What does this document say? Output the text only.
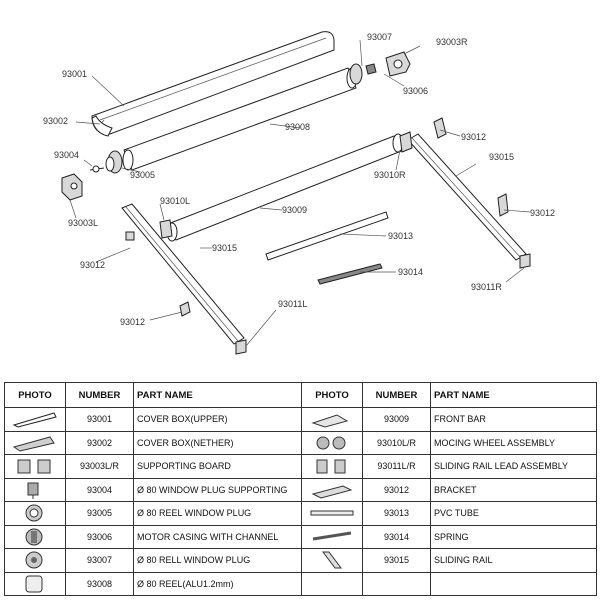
93007	93003R
93001
93006
93002
93008
93012
93004	93015
93005	93010R
93010L
93012
93003L
93009
93013
93015
93012
93014
93011R
93011L
93012
PHOTO	NUMBER	PART NAME	PHOTO	NUMBER	PART NAME

	93001	COVER BOX(UPPER)		93009	FRONT BAR

	93002	COVER BOX(NETHER)		93010L/R	MOCING WHEEL ASSEMBLY

	93003L/R	SUPPORTING BOARD		93011L/R	SLIDING RAIL LEAD ASSEMBLY

	93004	Ø 80 WINDOW PLUG SUPPORTING		93012	BRACKET

	93005	Ø 80 REEL WINDOW PLUG		93013	PVC TUBE

	93006	MOTOR CASING WITH CHANNEL		93014	SPRING

	93007	Ø 80 RELL WINDOW PLUG		93015	SLIDING RAIL

	93008	Ø 80 REEL(ALU1.2mm)			
